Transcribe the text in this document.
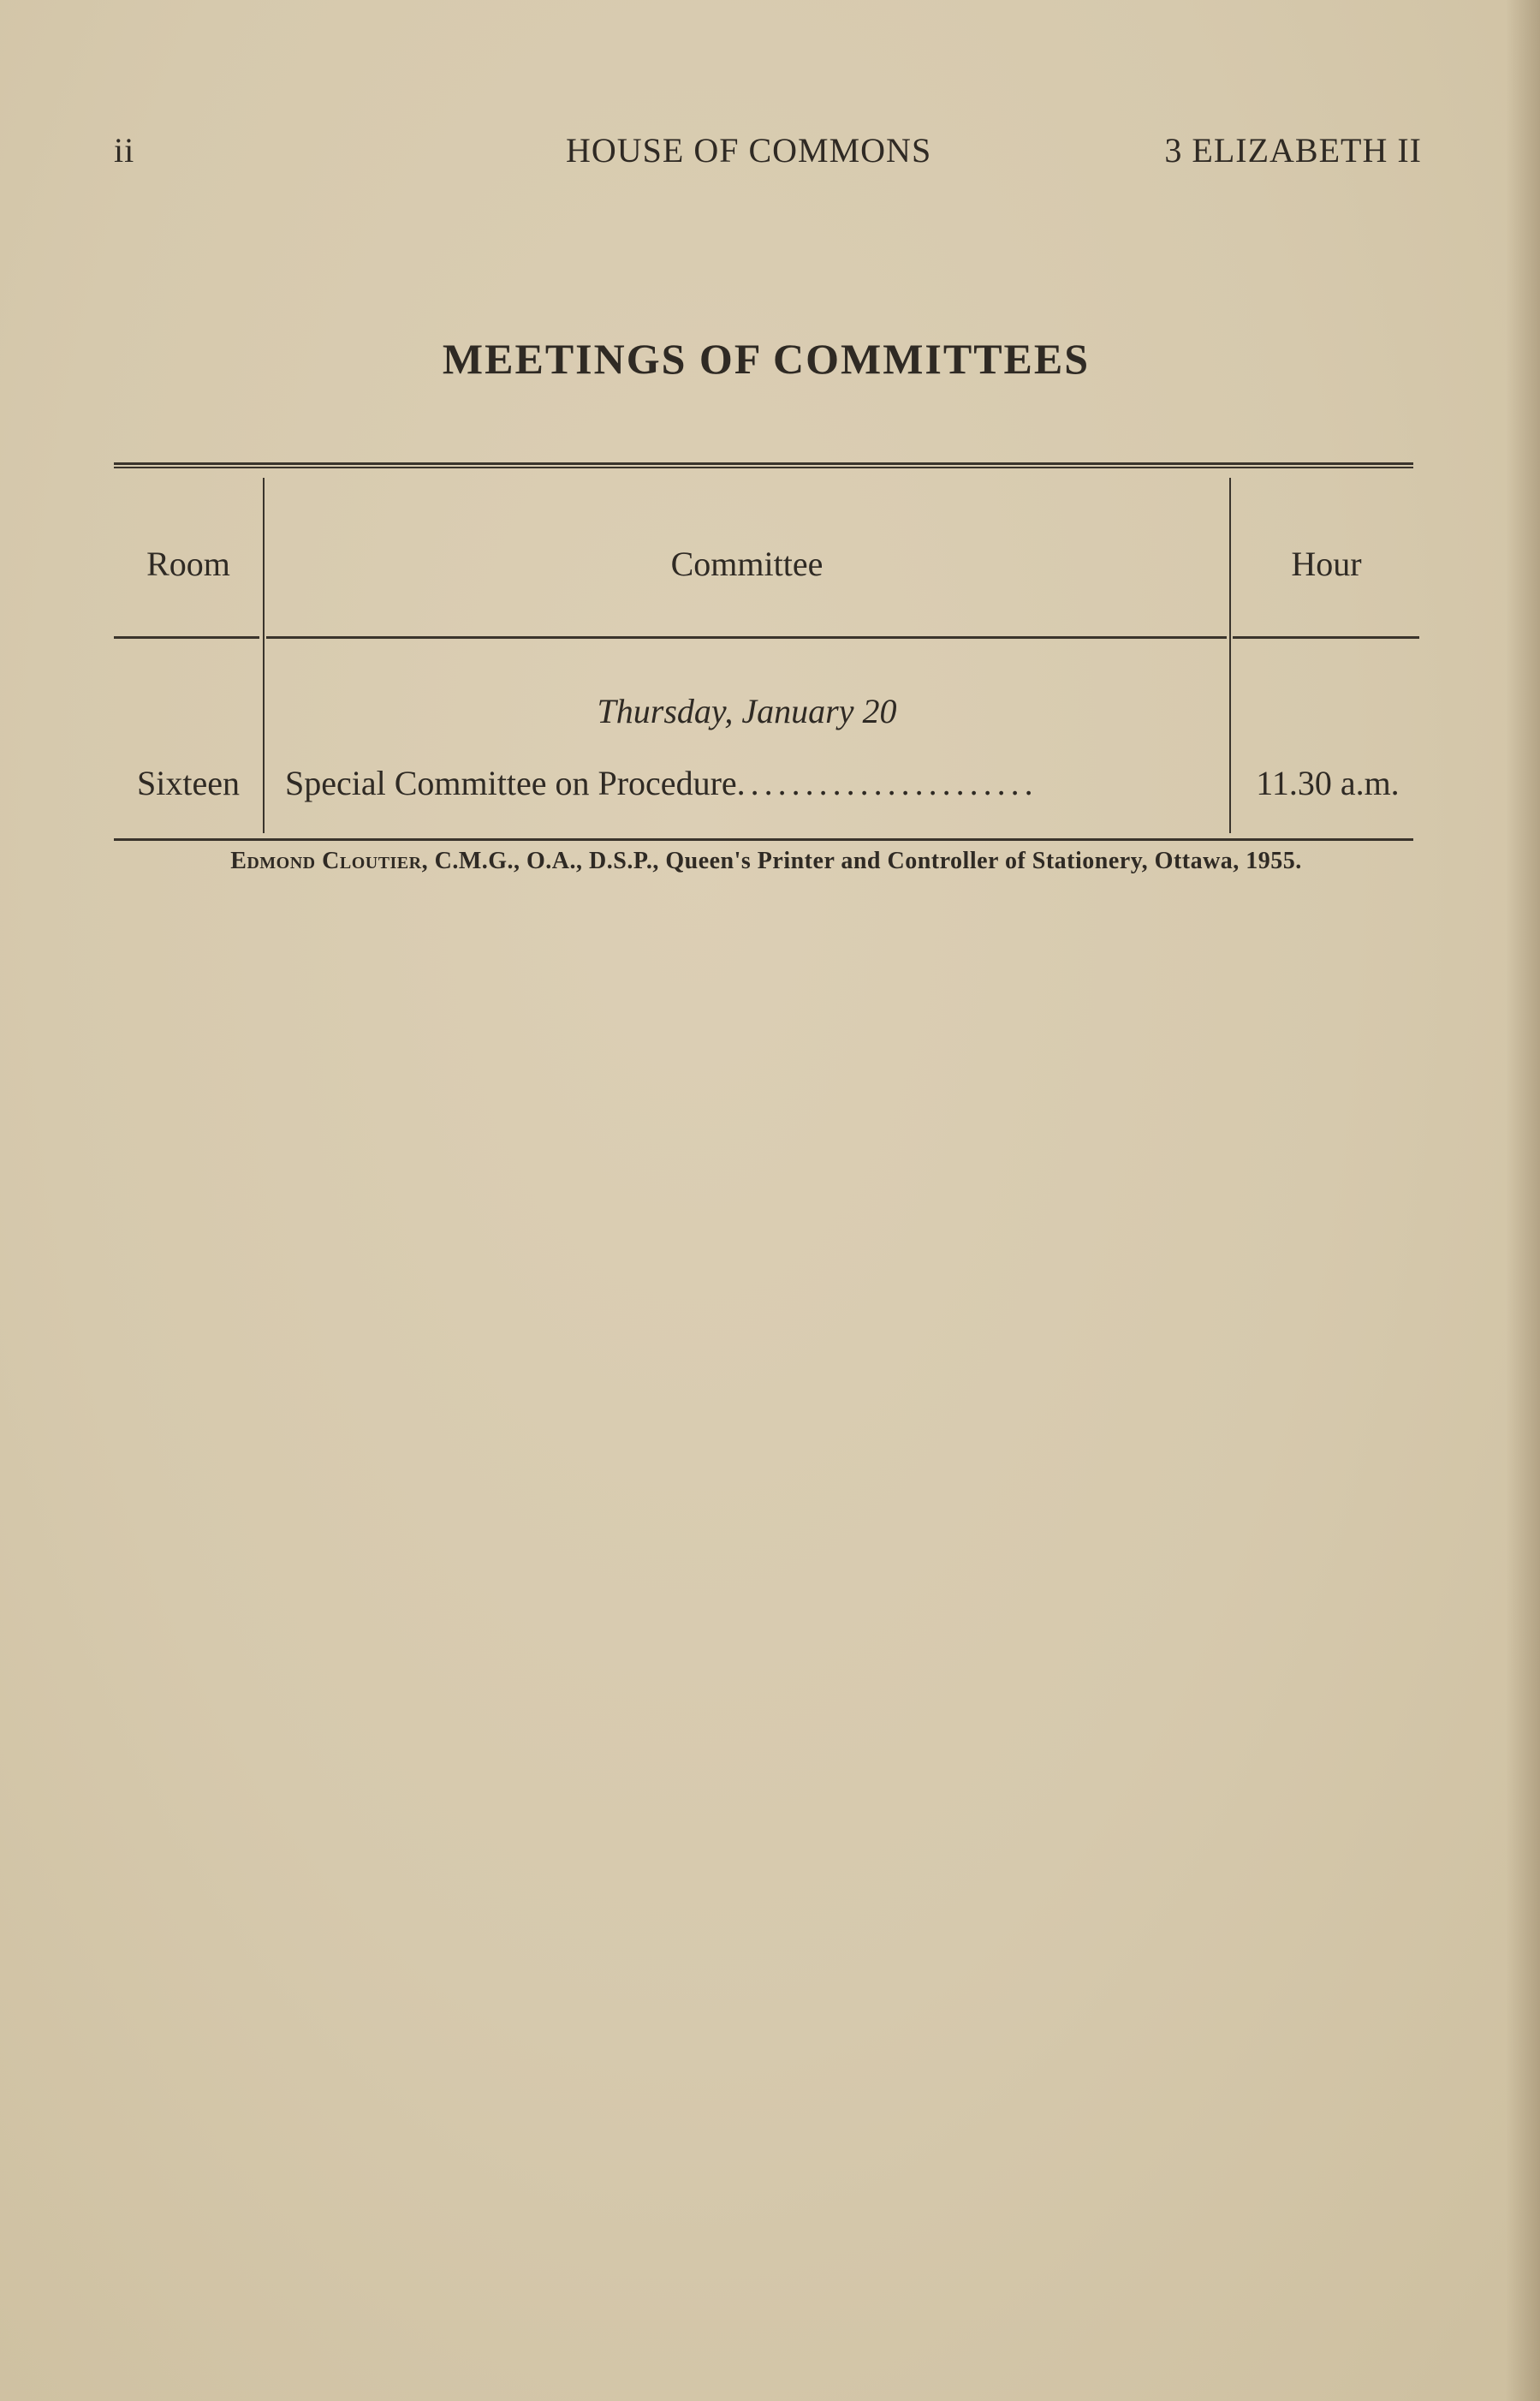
ii	HOUSE OF COMMONS	3 ELIZABETH II
MEETINGS OF COMMITTEES
Room	Committee	Hour
Thursday, January 20
Sixteen	Special Committee on Procedure......................	11.30 a.m.
Edmond Cloutier, C.M.G., O.A., D.S.P., Queen's Printer and Controller of Stationery, Ottawa, 1955.
